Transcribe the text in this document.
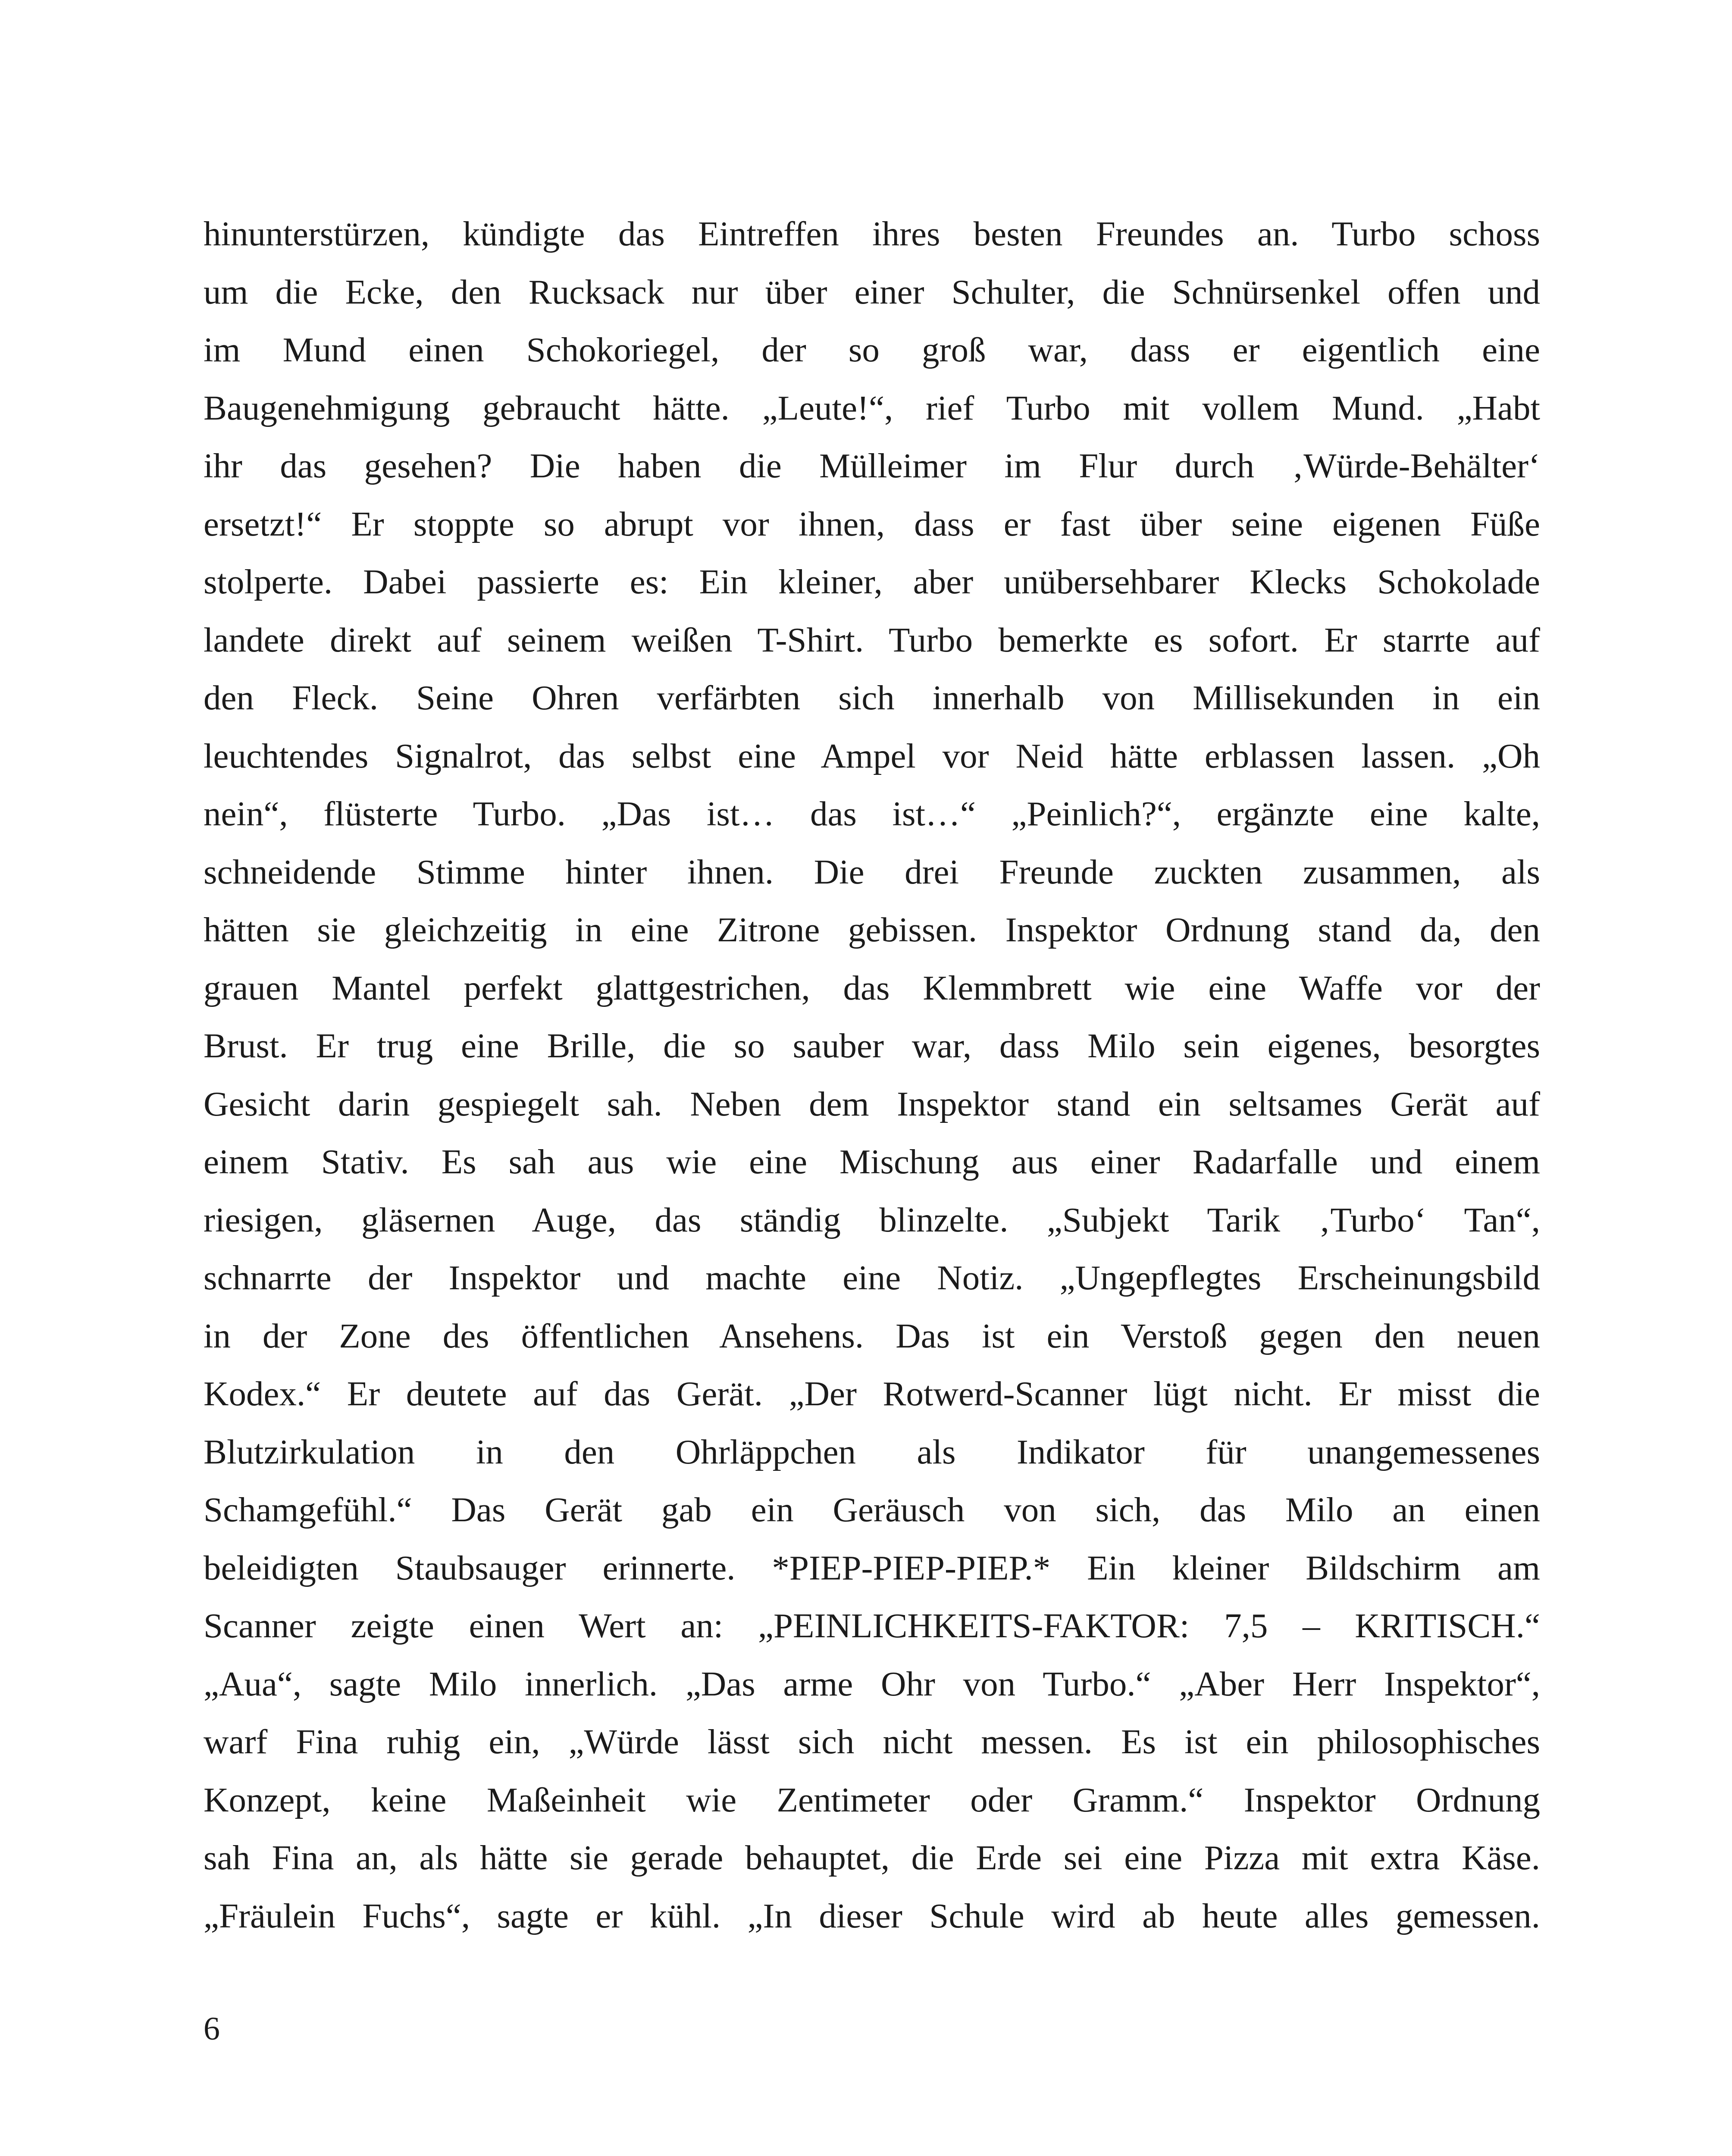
hinunterstürzen, kündigte das Eintreffen ihres besten Freundes an. Turbo schoss
um die Ecke, den Rucksack nur über einer Schulter, die Schnürsenkel offen und
im Mund einen Schokoriegel, der so groß war, dass er eigentlich eine
Baugenehmigung gebraucht hätte. „Leute!“, rief Turbo mit vollem Mund. „Habt
ihr das gesehen? Die haben die Mülleimer im Flur durch ‚Würde-Behälter‘
ersetzt!“ Er stoppte so abrupt vor ihnen, dass er fast über seine eigenen Füße
stolperte. Dabei passierte es: Ein kleiner, aber unübersehbarer Klecks Schokolade
landete direkt auf seinem weißen T-Shirt. Turbo bemerkte es sofort. Er starrte auf
den Fleck. Seine Ohren verfärbten sich innerhalb von Millisekunden in ein
leuchtendes Signalrot, das selbst eine Ampel vor Neid hätte erblassen lassen. „Oh
nein“, flüsterte Turbo. „Das ist… das ist…“ „Peinlich?“, ergänzte eine kalte,
schneidende Stimme hinter ihnen. Die drei Freunde zuckten zusammen, als
hätten sie gleichzeitig in eine Zitrone gebissen. Inspektor Ordnung stand da, den
grauen Mantel perfekt glattgestrichen, das Klemmbrett wie eine Waffe vor der
Brust. Er trug eine Brille, die so sauber war, dass Milo sein eigenes, besorgtes
Gesicht darin gespiegelt sah. Neben dem Inspektor stand ein seltsames Gerät auf
einem Stativ. Es sah aus wie eine Mischung aus einer Radarfalle und einem
riesigen, gläsernen Auge, das ständig blinzelte. „Subjekt Tarik ‚Turbo‘ Tan“,
schnarrte der Inspektor und machte eine Notiz. „Ungepflegtes Erscheinungsbild
in der Zone des öffentlichen Ansehens. Das ist ein Verstoß gegen den neuen
Kodex.“ Er deutete auf das Gerät. „Der Rotwerd-Scanner lügt nicht. Er misst die
Blutzirkulation in den Ohrläppchen als Indikator für unangemessenes
Schamgefühl.“ Das Gerät gab ein Geräusch von sich, das Milo an einen
beleidigten Staubsauger erinnerte. *PIEP-PIEP-PIEP.* Ein kleiner Bildschirm am
Scanner zeigte einen Wert an: „PEINLICHKEITS-FAKTOR: 7,5 – KRITISCH.“
„Aua“, sagte Milo innerlich. „Das arme Ohr von Turbo.“ „Aber Herr Inspektor“,
warf Fina ruhig ein, „Würde lässt sich nicht messen. Es ist ein philosophisches
Konzept, keine Maßeinheit wie Zentimeter oder Gramm.“ Inspektor Ordnung
sah Fina an, als hätte sie gerade behauptet, die Erde sei eine Pizza mit extra Käse.
„Fräulein Fuchs“, sagte er kühl. „In dieser Schule wird ab heute alles gemessen.
6
